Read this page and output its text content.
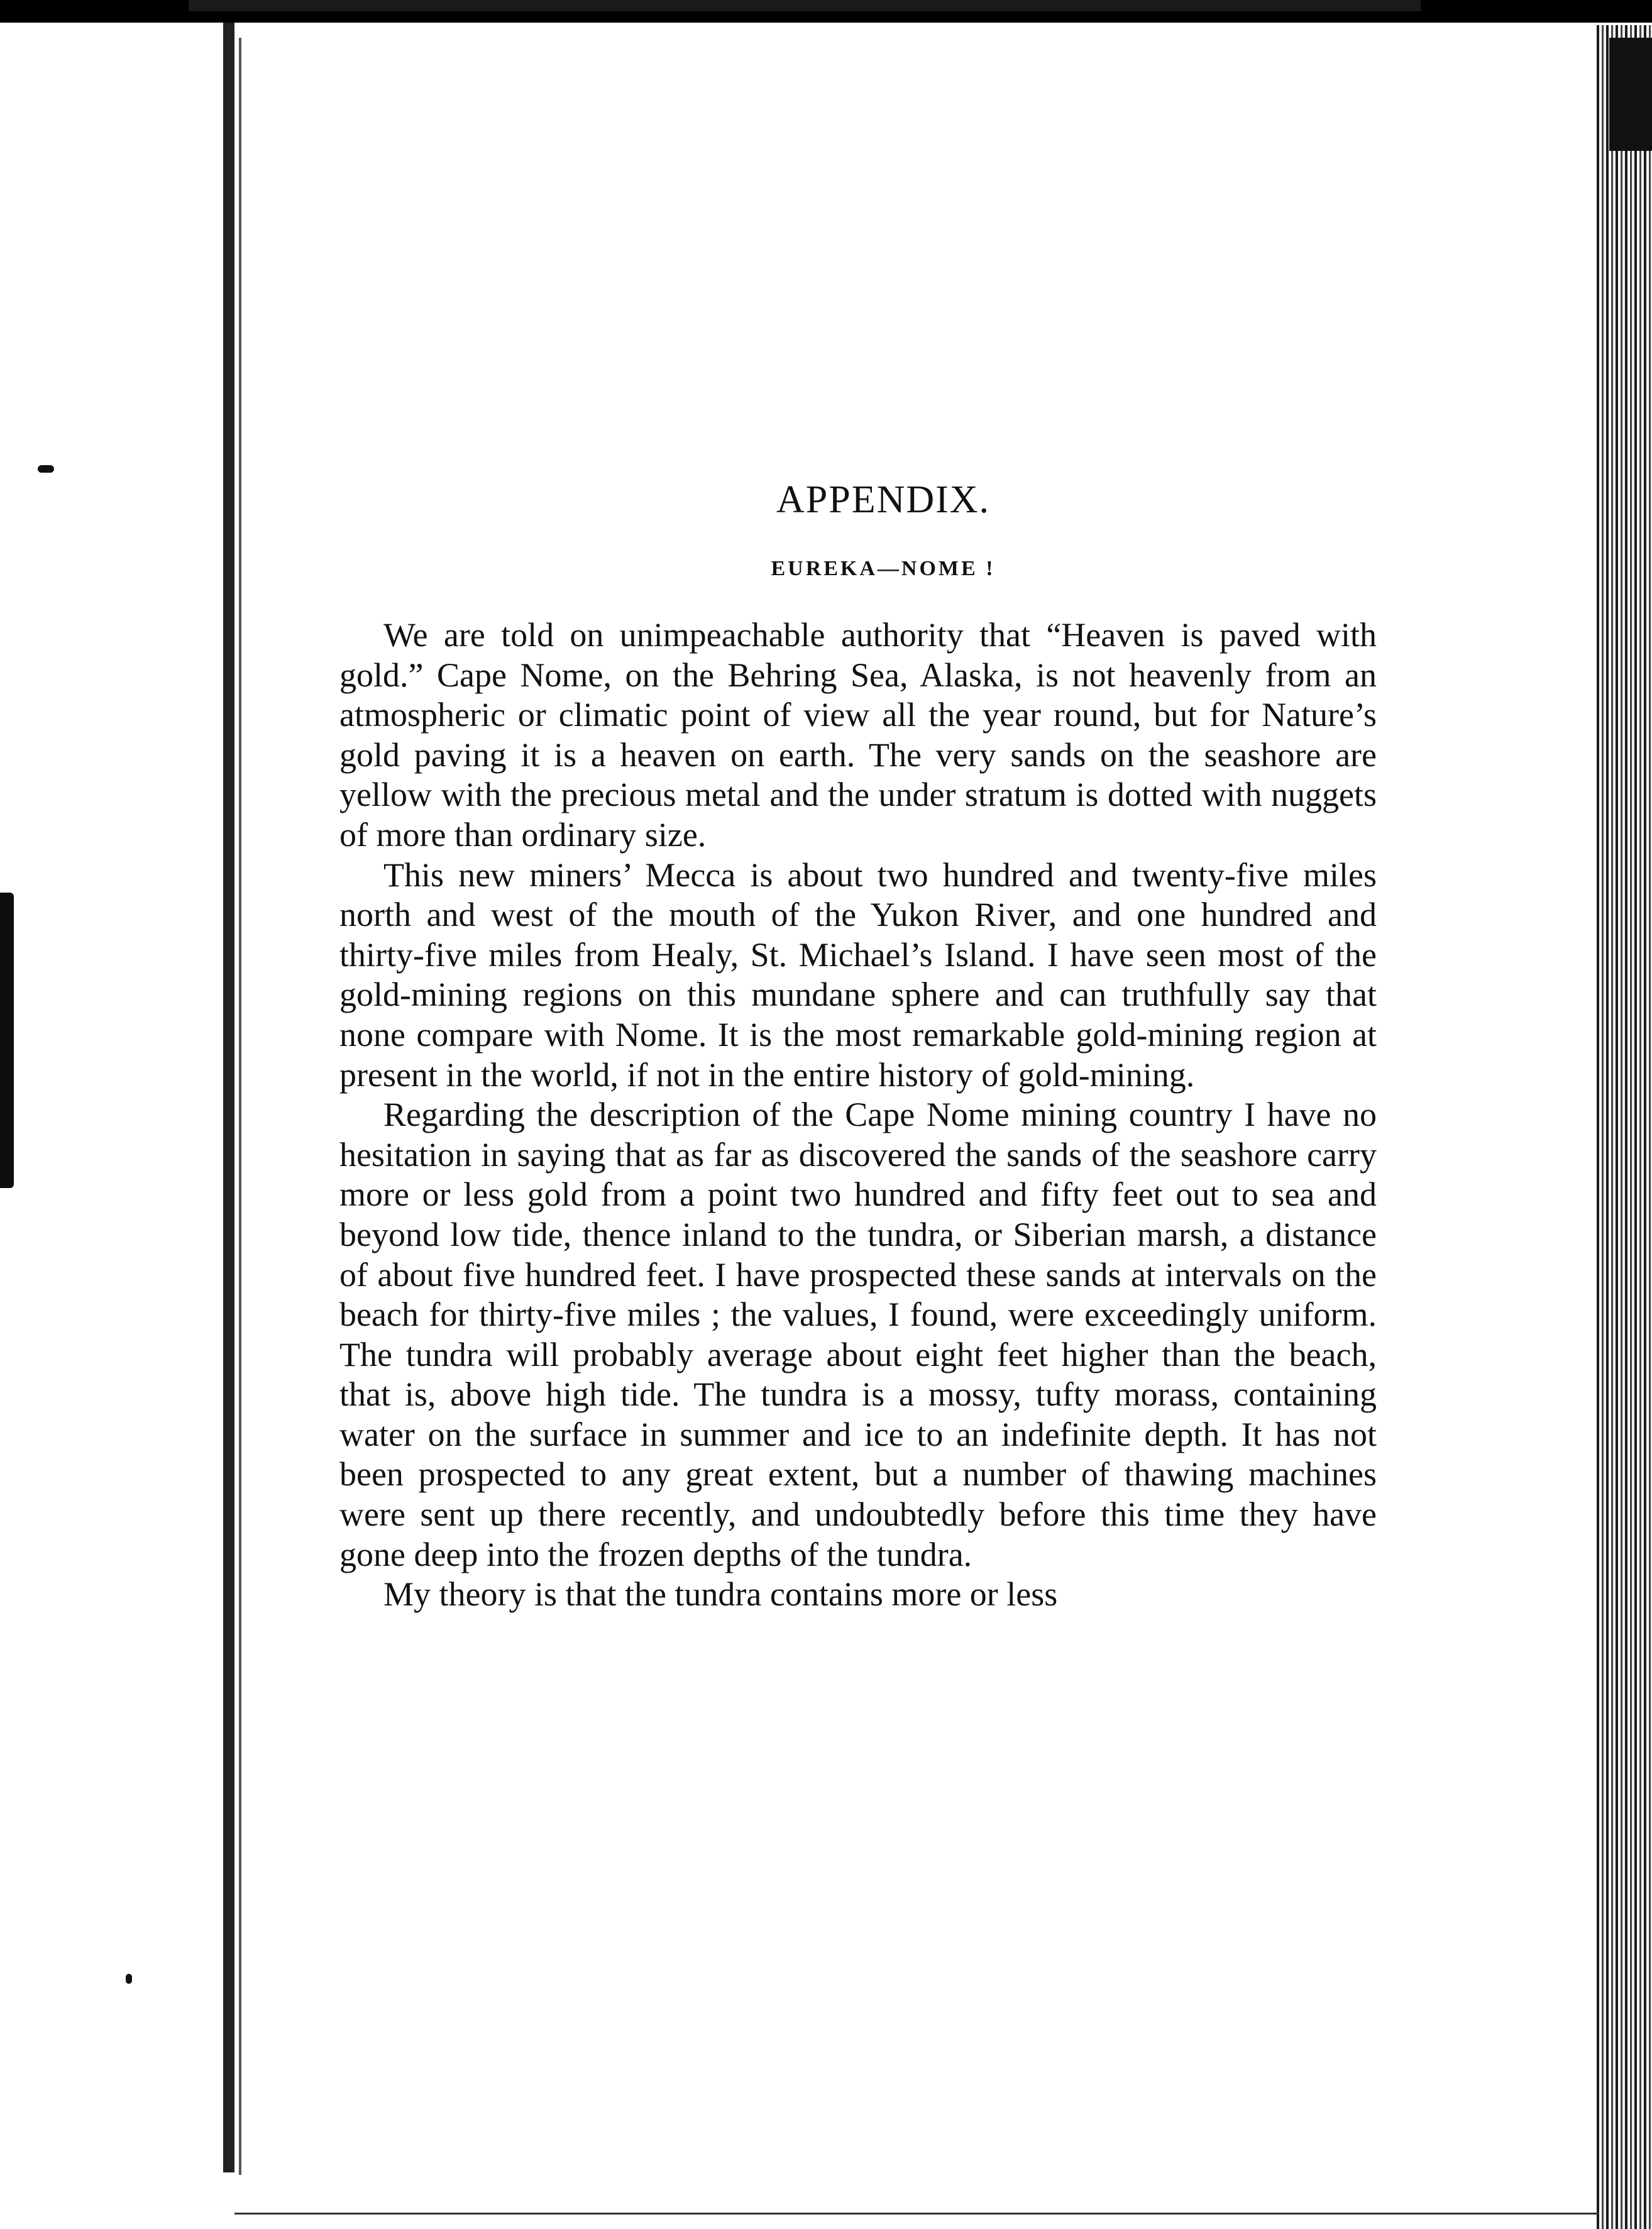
APPENDIX.
EUREKA—NOME !

We are told on unimpeachable authority that “Heaven is paved with gold.” Cape Nome, on the Behring Sea, Alaska, is not heavenly from an atmospheric or climatic point of view all the year round, but for Nature’s gold paving it is a heaven on earth. The very sands on the seashore are yellow with the precious metal and the under stratum is dotted with nuggets of more than ordinary size.

This new miners’ Mecca is about two hundred and twenty-five miles north and west of the mouth of the Yukon River, and one hundred and thirty-five miles from Healy, St. Michael’s Island. I have seen most of the gold-mining regions on this mundane sphere and can truthfully say that none compare with Nome. It is the most remarkable gold-mining region at present in the world, if not in the entire history of gold-mining.

Regarding the description of the Cape Nome mining country I have no hesitation in saying that as far as discovered the sands of the seashore carry more or less gold from a point two hundred and fifty feet out to sea and beyond low tide, thence inland to the tundra, or Siberian marsh, a distance of about five hundred feet. I have prospected these sands at intervals on the beach for thirty-five miles ; the values, I found, were exceedingly uniform. The tundra will probably average about eight feet higher than the beach, that is, above high tide. The tundra is a mossy, tufty morass, containing water on the surface in summer and ice to an indefinite depth. It has not been prospected to any great extent, but a number of thawing machines were sent up there recently, and undoubtedly before this time they have gone deep into the frozen depths of the tundra.

My theory is that the tundra contains more or less
